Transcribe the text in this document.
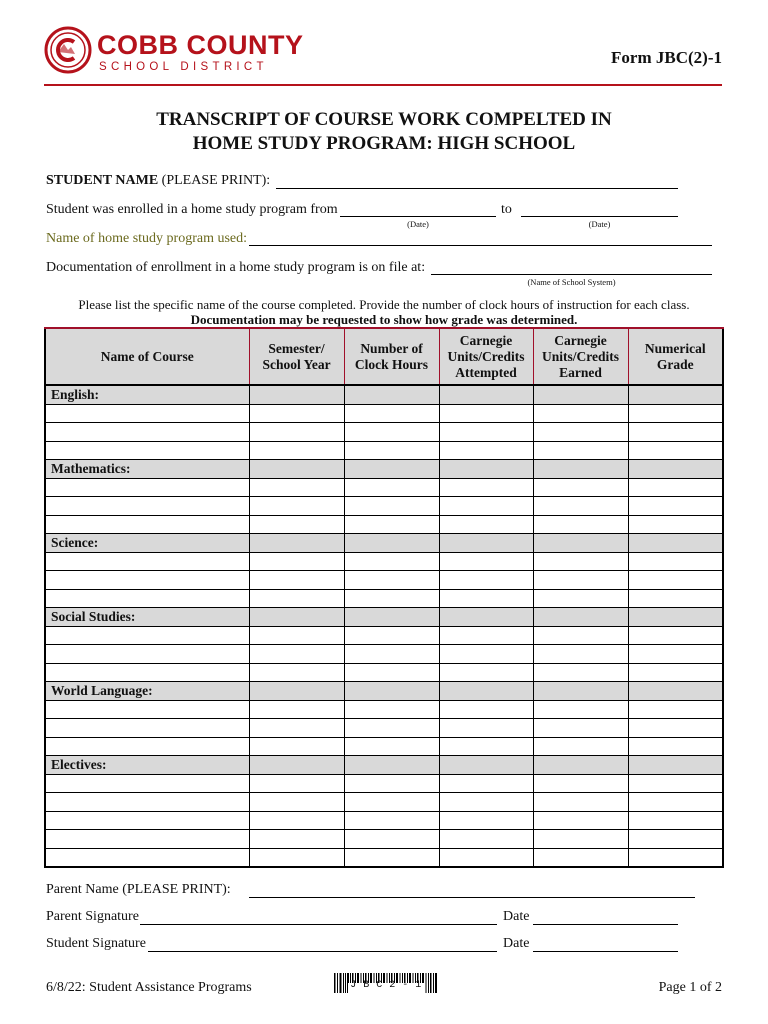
COBB COUNTY
SCHOOL DISTRICT	Form JBC(2)-1
TRANSCRIPT OF COURSE WORK COMPELTED IN
HOME STUDY PROGRAM: HIGH SCHOOL
STUDENT NAME (PLEASE PRINT):
Student was enrolled in a home study program from
(Date)
to
(Date)
Name of home study program used:
Documentation of enrollment in a home study program is on file at:
(Name of School System)
Please list the specific name of the course completed. Provide the number of clock hours of instruction for each class.
Documentation may be requested to show how grade was determined.
Name of Course	Semester/ School Year	Number of Clock Hours	Carnegie Units/Credits Attempted	Carnegie Units/Credits Earned	Numerical Grade
English:					

Mathematics:					

Science:					

Social Studies:					

World Language:					

Electives:					

Parent Name (PLEASE PRINT):
Parent Signature	Date
Student Signature	Date
6/8/22: Student Assistance Programs	J B C 2 - 1	Page 1 of 2
